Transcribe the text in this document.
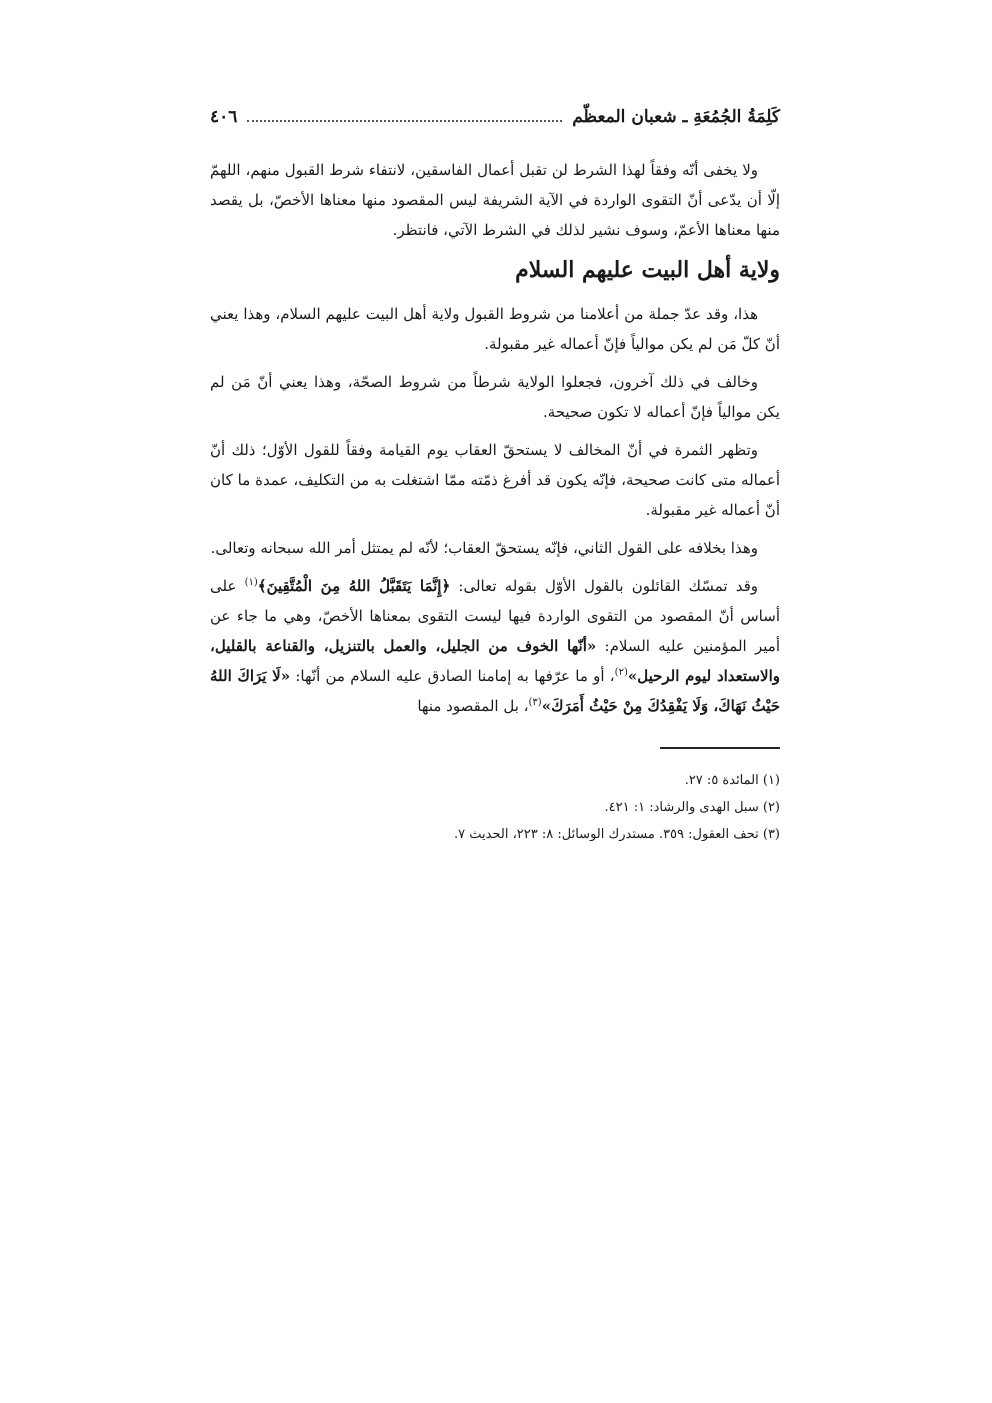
كَلِمَةُ الجُمُعَةِ ـ شعبان المعظّم
٤٠٦

ولا يخفى أنّه وفقاً لهذا الشرط لن تقبل أعمال الفاسقين، لانتفاء شرط القبول منهم، اللهمّ إلّا أن يدّعى أنّ التقوى الواردة في الآية الشريفة ليس المقصود منها معناها الأخصّ، بل يقصد منها معناها الأعمّ، وسوف نشير لذلك في الشرط الآتي، فانتظر.

ولاية أهل البيت عليهم السلام

هذا، وقد عدّ جملة من أعلامنا من شروط القبول ولاية أهل البيت عليهم السلام، وهذا يعني أنّ كلّ مَن لم يكن موالياً فإنّ أعماله غير مقبولة.

وخالف في ذلك آخرون، فجعلوا الولاية شرطاً من شروط الصحّة، وهذا يعني أنّ مَن لم يكن موالياً فإنّ أعماله لا تكون صحيحة.

وتظهر الثمرة في أنّ المخالف لا يستحقّ العقاب يوم القيامة وفقاً للقول الأوّل؛ ذلك أنّ أعماله متى كانت صحيحة، فإنّه يكون قد أفرغ ذمّته ممّا اشتغلت به من التكليف، عمدة ما كان أنّ أعماله غير مقبولة.

وهذا بخلافه على القول الثاني، فإنّه يستحقّ العقاب؛ لأنّه لم يمتثل أمر الله سبحانه وتعالى.

وقد تمسّك القائلون بالقول الأوّل بقوله تعالى: ﴿إِنَّمَا يَتَقَبَّلُ اللهُ مِنَ الْمُتَّقِينَ﴾$^{(١)}$ على أساس أنّ المقصود من التقوى الواردة فيها ليست التقوى بمعناها الأخصّ، وهي ما جاء عن أمير المؤمنين عليه السلام: «أنّها الخوف من الجليل، والعمل بالتنزيل، والقناعة بالقليل، والاستعداد ليوم الرحيل»$^{(٢)}$، أو ما عرّفها به إمامنا الصادق عليه السلام من أنّها: «لَا يَرَاكَ اللهُ حَيْثُ نَهَاكَ، وَلَا يَفْقِدُكَ مِنْ حَيْثُ أَمَرَكَ»$^{(٣)}$، بل المقصود منها

(١) المائدة ٥: ٢٧.
(٢) سبل الهدى والرشاد: ١: ٤٢١.
(٣) تحف العقول: ٣٥٩. مستدرك الوسائل: ٨: ٢٢٣، الحديث ٧.
